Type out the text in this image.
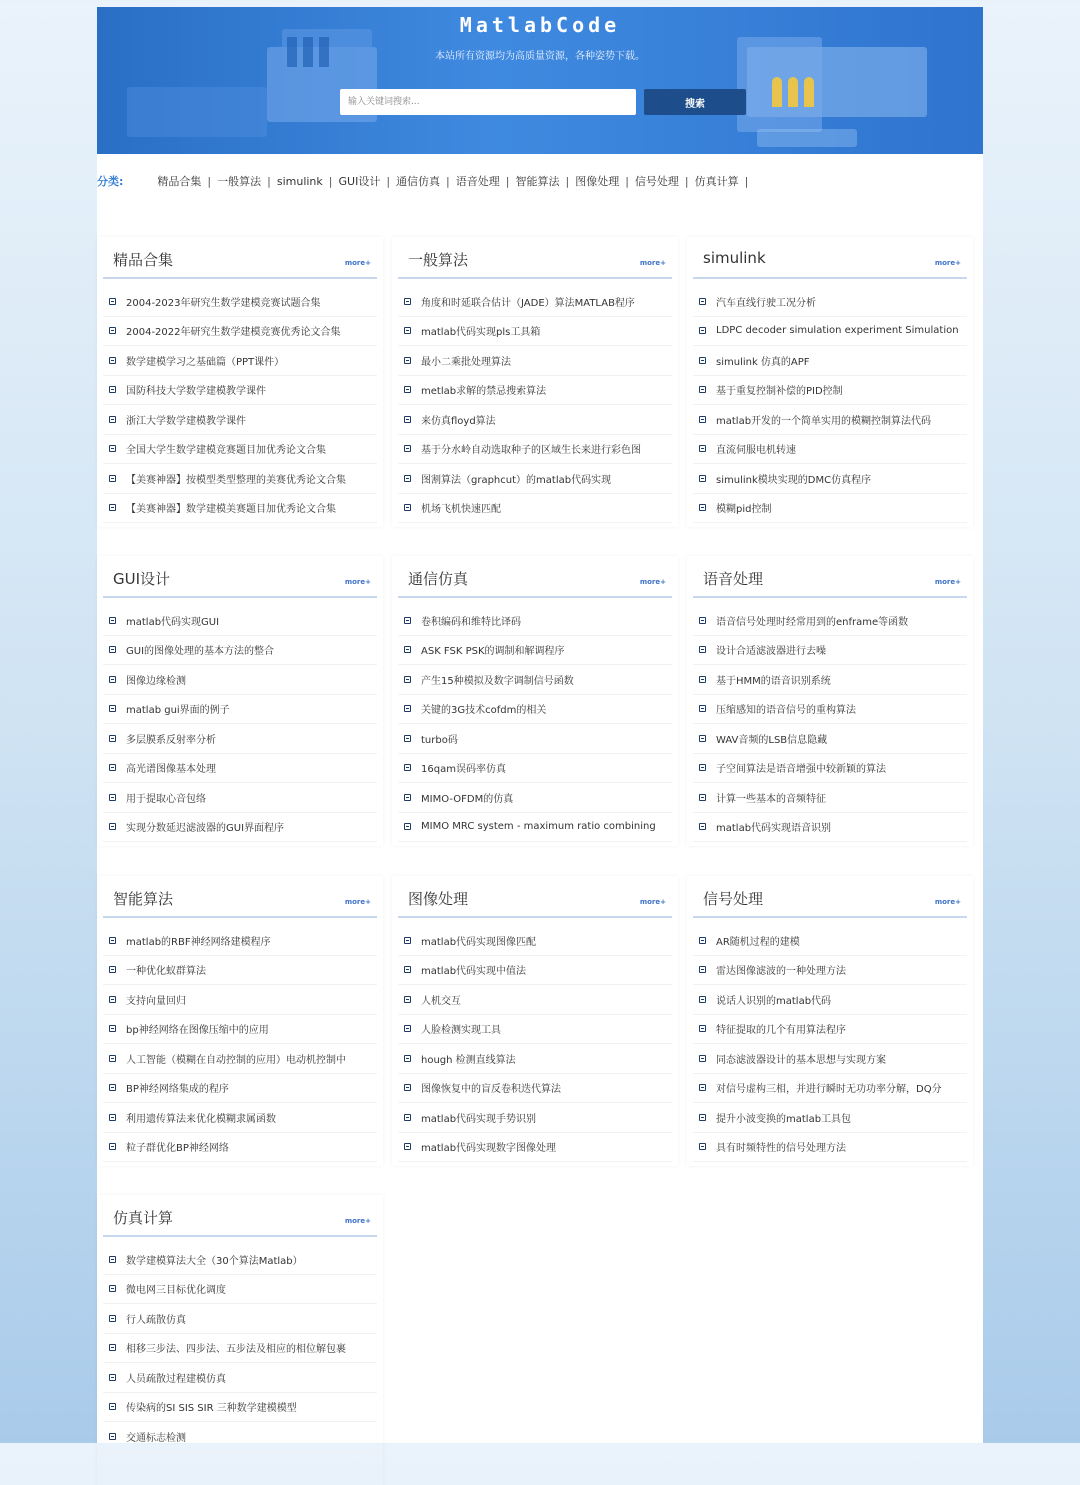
MatlabCode
本站所有资源均为高质量资源，各种姿势下载。
输入关键词搜索...
搜索
分类:	精品合集 | 一般算法 | simulink | GUI设计 | 通信仿真 | 语音处理 | 智能算法 | 图像处理 | 信号处理 | 仿真计算 |
精品合集	more+
2004-2023年研究生数学建模竞赛试题合集
2004-2022年研究生数学建模竞赛优秀论文合集
数学建模学习之基础篇（PPT课件）
国防科技大学数学建模教学课件
浙江大学数学建模教学课件
全国大学生数学建模竞赛题目加优秀论文合集
【美赛神器】按模型类型整理的美赛优秀论文合集
【美赛神器】数学建模美赛题目加优秀论文合集
一般算法	more+
角度和时延联合估计（JADE）算法MATLAB程序
matlab代码实现pls工具箱
最小二乘批处理算法
metlab求解的禁忌搜索算法
来仿真floyd算法
基于分水岭自动选取种子的区域生长来进行彩色图
图割算法（graphcut）的matlab代码实现
机场飞机快速匹配
simulink	more+
汽车直线行驶工况分析
LDPC decoder simulation experiment Simulation
simulink 仿真的APF
基于重复控制补偿的PID控制
matlab开发的一个简单实用的模糊控制算法代码
直流伺服电机转速
simulink模块实现的DMC仿真程序
模糊pid控制
GUI设计	more+
matlab代码实现GUI
GUI的图像处理的基本方法的整合
图像边缘检测
matlab gui界面的例子
多层膜系反射率分析
高光谱图像基本处理
用于提取心音包络
实现分数延迟滤波器的GUI界面程序
通信仿真	more+
卷积编码和维特比译码
ASK FSK PSK的调制和解调程序
产生15种模拟及数字调制信号函数
关键的3G技术cofdm的相关
turbo码
16qam误码率仿真
MIMO-OFDM的仿真
MIMO MRC system - maximum ratio combining
语音处理	more+
语音信号处理时经常用到的enframe等函数
设计合适滤波器进行去噪
基于HMM的语音识别系统
压缩感知的语音信号的重构算法
WAV音频的LSB信息隐藏
子空间算法是语音增强中较新颖的算法
计算一些基本的音频特征
matlab代码实现语音识别
智能算法	more+
matlab的RBF神经网络建模程序
一种优化蚁群算法
支持向量回归
bp神经网络在图像压缩中的应用
人工智能（模糊在自动控制的应用）电动机控制中
BP神经网络集成的程序
利用遗传算法来优化模糊隶属函数
粒子群优化BP神经网络
图像处理	more+
matlab代码实现图像匹配
matlab代码实现中值法
人机交互
人脸检测实现工具
hough 检测直线算法
图像恢复中的盲反卷积迭代算法
matlab代码实现手势识别
matlab代码实现数字图像处理
信号处理	more+
AR随机过程的建模
雷达图像滤波的一种处理方法
说话人识别的matlab代码
特征提取的几个有用算法程序
同态滤波器设计的基本思想与实现方案
对信号虚构三相，并进行瞬时无功功率分解，DQ分
提升小波变换的matlab工具包
具有时频特性的信号处理方法
仿真计算	more+
数学建模算法大全（30个算法Matlab）
微电网三目标优化调度
行人疏散仿真
相移三步法、四步法、五步法及相应的相位解包裹
人员疏散过程建模仿真
传染病的SI SIS SIR 三种数学建模模型
交通标志检测
